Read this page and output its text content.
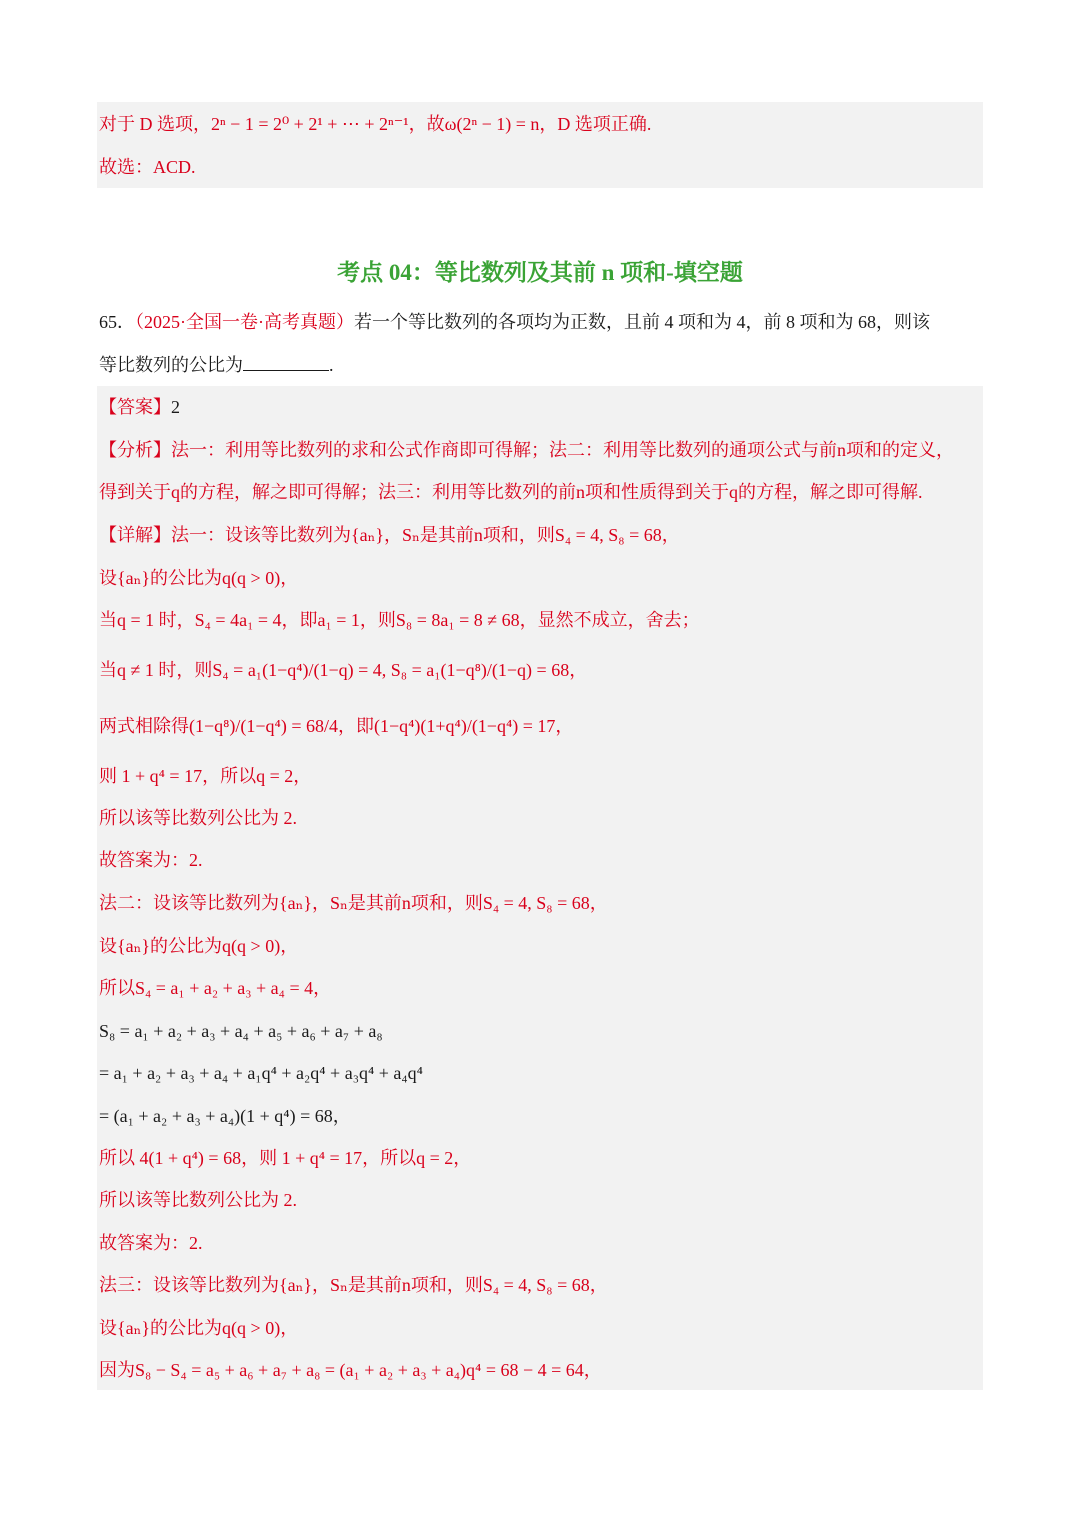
对于 D 选项，2ⁿ − 1 = 2⁰ + 2¹ + ⋯ + 2ⁿ⁻¹，故ω(2ⁿ − 1) = n，D 选项正确.
故选：ACD.
考点 04：等比数列及其前 n 项和-填空题
65．（2025·全国一卷·高考真题）若一个等比数列的各项均为正数，且前 4 项和为 4，前 8 项和为 68，则该
等比数列的公比为	.
【答案】2
【分析】法一：利用等比数列的求和公式作商即可得解；法二：利用等比数列的通项公式与前n项和的定义，
得到关于q的方程，解之即可得解；法三：利用等比数列的前n项和性质得到关于q的方程，解之即可得解.
【详解】法一：设该等比数列为{aₙ}，Sₙ是其前n项和，则S₄ = 4, S₈ = 68，
设{aₙ}的公比为q(q > 0)，
当q = 1 时，S₄ = 4a₁ = 4，即a₁ = 1，则S₈ = 8a₁ = 8 ≠ 68，显然不成立，舍去；
当q ≠ 1 时，则S₄ = a₁(1−q⁴)/(1−q) = 4, S₈ = a₁(1−q⁸)/(1−q) = 68，
两式相除得(1−q⁸)/(1−q⁴) = 68/4，即(1−q⁴)(1+q⁴)/(1−q⁴) = 17，
则 1 + q⁴ = 17，所以q = 2，
所以该等比数列公比为 2.
故答案为：2.
法二：设该等比数列为{aₙ}，Sₙ是其前n项和，则S₄ = 4, S₈ = 68，
设{aₙ}的公比为q(q > 0)，
所以S₄ = a₁ + a₂ + a₃ + a₄ = 4，
S₈ = a₁ + a₂ + a₃ + a₄ + a₅ + a₆ + a₇ + a₈
= a₁ + a₂ + a₃ + a₄ + a₁q⁴ + a₂q⁴ + a₃q⁴ + a₄q⁴
= (a₁ + a₂ + a₃ + a₄)(1 + q⁴) = 68，
所以 4(1 + q⁴) = 68，则 1 + q⁴ = 17，所以q = 2，
所以该等比数列公比为 2.
故答案为：2.
法三：设该等比数列为{aₙ}，Sₙ是其前n项和，则S₄ = 4, S₈ = 68，
设{aₙ}的公比为q(q > 0)，
因为S₈ − S₄ = a₅ + a₆ + a₇ + a₈ = (a₁ + a₂ + a₃ + a₄)q⁴ = 68 − 4 = 64，
